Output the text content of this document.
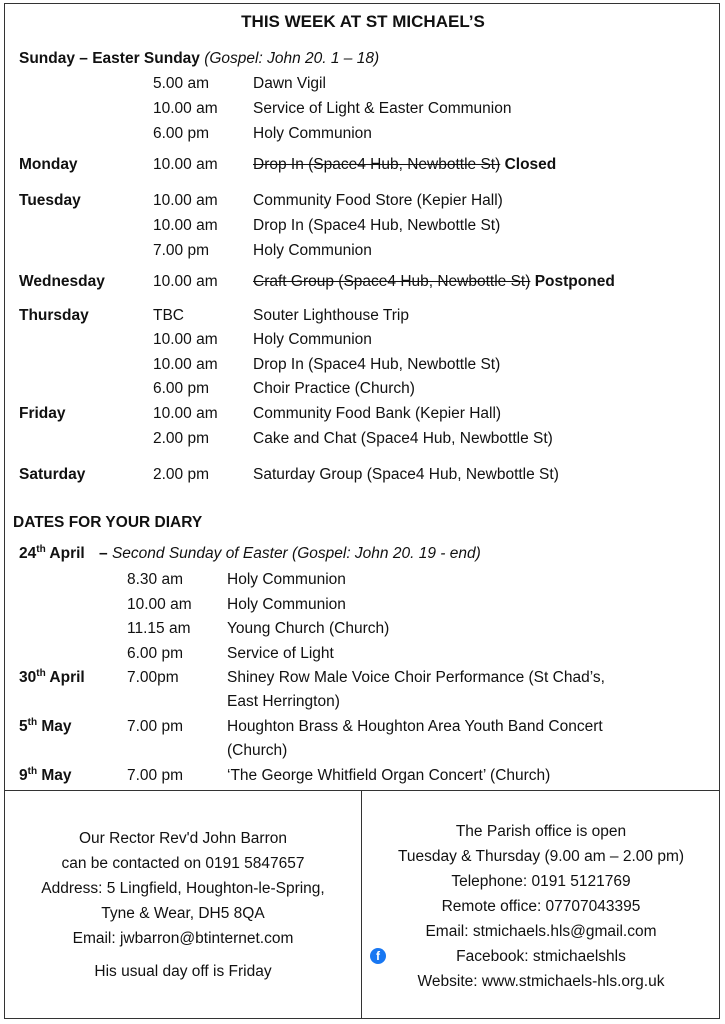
THIS WEEK AT ST MICHAEL’S
Sunday – Easter Sunday (Gospel: John 20. 1 – 18)
5.00 am	Dawn Vigil
10.00 am Service of Light & Easter Communion
6.00 pm	Holy Communion
Monday	10.00 am Drop In (Space4 Hub, Newbottle St) Closed
Tuesday	10.00 am Community Food Store (Kepier Hall)
10.00 am Drop In (Space4 Hub, Newbottle St)
7.00 pm	Holy Communion
Wednesday	10.00 am Craft Group (Space4 Hub, Newbottle St) Postponed
Thursday	TBC	Souter Lighthouse Trip
10.00 am Holy Communion
10.00 am Drop In (Space4 Hub, Newbottle St)
6.00 pm	Choir Practice (Church)
Friday	10.00 am Community Food Bank (Kepier Hall)
2.00 pm	Cake and Chat (Space4 Hub, Newbottle St)
Saturday	2.00 pm	Saturday Group (Space4 Hub, Newbottle St)
DATES FOR YOUR DIARY
24th April – Second Sunday of Easter (Gospel: John 20. 19 - end)
8.30 am	Holy Communion
10.00 am Holy Communion
11.15 am Young Church (Church)
6.00 pm	Service of Light
30th April	7.00pm	Shiney Row Male Voice Choir Performance (St Chad’s,
East Herrington)
5th May	7.00 pm	Houghton Brass & Houghton Area Youth Band Concert
(Church)
9th May	7.00 pm	‘The George Whitfield Organ Concert’ (Church)
Our Rector Rev'd John Barron
can be contacted on 0191 5847657
Address: 5 Lingfield, Houghton-le-Spring,
Tyne & Wear, DH5 8QA
Email: jwbarron@btinternet.com
His usual day off is Friday
The Parish office is open
Tuesday & Thursday (9.00 am – 2.00 pm)
Telephone: 0191 5121769
Remote office: 07707043395
Email: stmichaels.hls@gmail.com
f	Facebook: stmichaelshls
Website: www.stmichaels-hls.org.uk
